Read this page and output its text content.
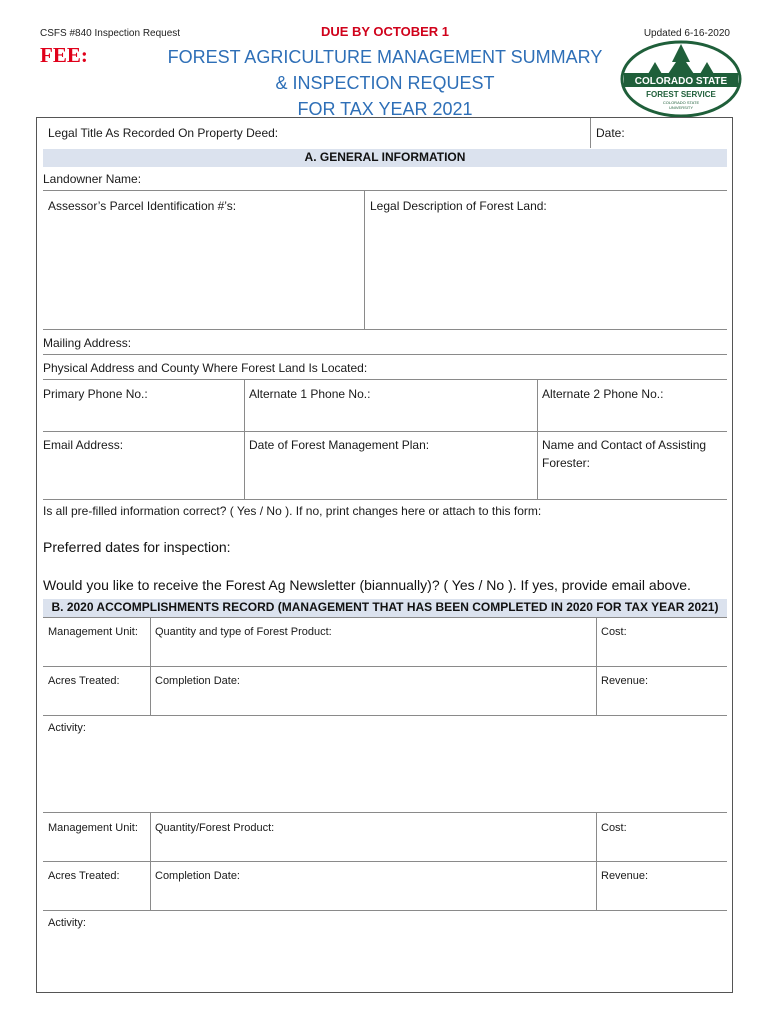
CSFS #840 Inspection Request	DUE BY OCTOBER 1	Updated 6-16-2020
FEE:	FOREST AGRICULTURE MANAGEMENT SUMMARY
& INSPECTION REQUEST
FOR TAX YEAR 2021
COLORADO STATE
FOREST SERVICE
COLORADO STATE
UNIVERSITY
Legal Title As Recorded On Property Deed:	Date:
A. GENERAL INFORMATION
Landowner Name:
Assessor’s Parcel Identification #’s:	Legal Description of Forest Land:
Mailing Address:
Physical Address and County Where Forest Land Is Located:
Primary Phone No.:	Alternate 1 Phone No.:	Alternate 2 Phone No.:
Email Address:	Date of Forest Management Plan:	Name and Contact of Assisting
Forester:
Is all pre-filled information correct? ( Yes / No ). If no, print changes here or attach to this form:
Preferred dates for inspection:
Would you like to receive the Forest Ag Newsletter (biannually)? ( Yes / No ). If yes, provide email above.
B. 2020 ACCOMPLISHMENTS RECORD (MANAGEMENT THAT HAS BEEN COMPLETED IN 2020 FOR TAX YEAR 2021)
Management Unit: Quantity and type of Forest Product:	Cost:
Acres Treated:	Completion Date:	Revenue:
Activity:
Management Unit: Quantity/Forest Product:	Cost:
Acres Treated:	Completion Date:	Revenue:
Activity:
